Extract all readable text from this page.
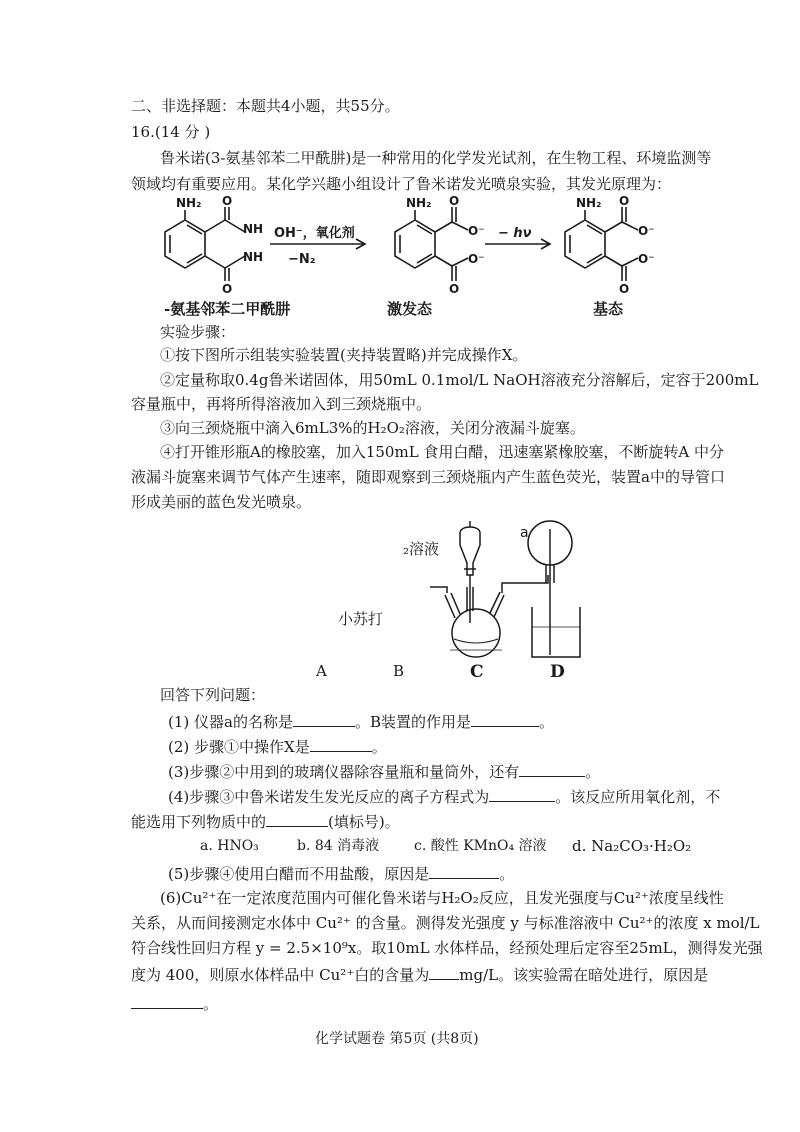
二、非选择题：本题共4小题，共55分。
16.(14 分 )
鲁米诺(3-氨基邻苯二甲酰肼)是一种常用的化学发光试剂，在生物工程、环境监测等
领域均有重要应用。某化学兴趣小组设计了鲁米诺发光喷泉实验，其发光原理为：
NH₂ O
O
NH
NH
NH₂ O
O
O⁻
O⁻
NH₂ O
O
O⁻
O⁻
OH⁻，氧化剂
−N₂
− hν
-氨基邻苯二甲酰肼	激发态	基态
实验步骤：
①按下图所示组装实验装置(夹持装置略)并完成操作X。
②定量称取0.4g鲁米诺固体，用50mL 0.1mol/L NaOH溶液充分溶解后，定容于200mL
容量瓶中，再将所得溶液加入到三颈烧瓶中。
③向三颈烧瓶中滴入6mL3%的H₂O₂溶液，关闭分液漏斗旋塞。
④打开锥形瓶A的橡胶塞，加入150mL 食用白醋，迅速塞紧橡胶塞，不断旋转A 中分
液漏斗旋塞来调节气体产生速率，随即观察到三颈烧瓶内产生蓝色荧光，装置a中的导管口
形成美丽的蓝色发光喷泉。
a
₂溶液
小苏打
A	B	C	D
回答下列问题：
(1) 仪器a的名称是	。B装置的作用是	。
(2) 步骤①中操作X是	。
(3)步骤②中用到的玻璃仪器除容量瓶和量筒外，还有	。
(4)步骤③中鲁米诺发生发光反应的离子方程式为	。该反应所用氧化剂，不
能选用下列物质中的	(填标号)。
a. HNO₃	b. 84 消毒液 c. 酸性 KMnO₄ 溶液 d. Na₂CO₃·H₂O₂
(5)步骤④使用白醋而不用盐酸，原因是	。
(6)Cu²⁺在一定浓度范围内可催化鲁米诺与H₂O₂反应，且发光强度与Cu²⁺浓度呈线性
关系，从而间接测定水体中 Cu²⁺ 的含量。测得发光强度 y 与标准溶液中 Cu²⁺的浓度 x mol/L
符合线性回归方程 y = 2.5×10⁹x。取10mL 水体样品，经预处理后定容至25mL，测得发光强
度为 400，则原水体样品中 Cu²⁺白的含量为 mg/L。该实验需在暗处进行，原因是
。
化学试题卷 第5页 (共8页)
